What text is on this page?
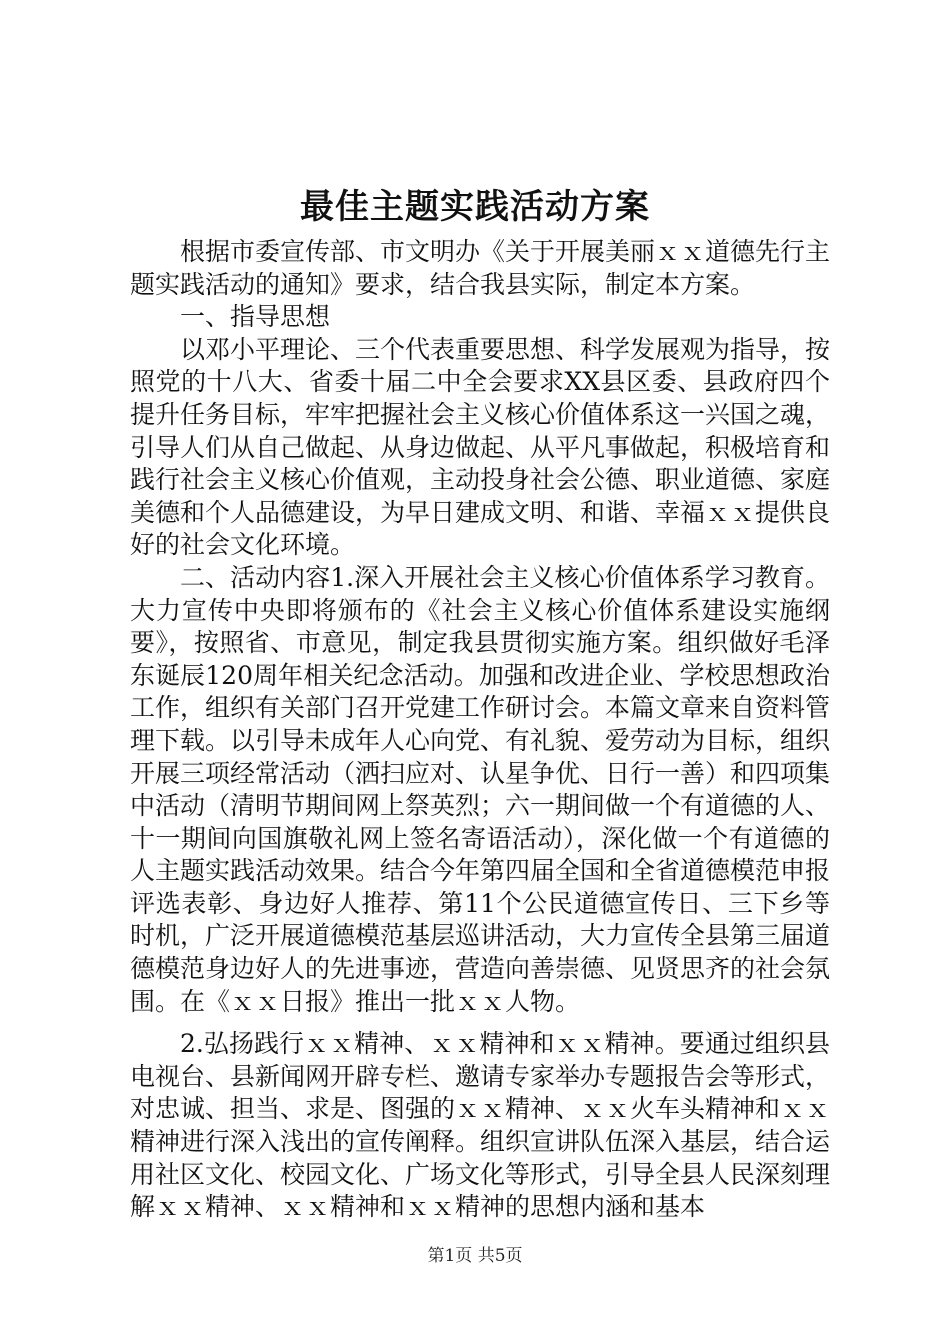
最佳主题实践活动方案

根据市委宣传部、市文明办《关于开展美丽ｘｘ道德先行主题实践活动的通知》要求，结合我县实际，制定本方案。

一、指导思想

以邓小平理论、三个代表重要思想、科学发展观为指导，按照党的十八大、省委十届二中全会要求XX县区委、县政府四个提升任务目标，牢牢把握社会主义核心价值体系这一兴国之魂，引导人们从自己做起、从身边做起、从平凡事做起，积极培育和践行社会主义核心价值观，主动投身社会公德、职业道德、家庭美德和个人品德建设，为早日建成文明、和谐、幸福ｘｘ提供良好的社会文化环境。

二、活动内容1.深入开展社会主义核心价值体系学习教育。大力宣传中央即将颁布的《社会主义核心价值体系建设实施纲要》，按照省、市意见，制定我县贯彻实施方案。组织做好毛泽东诞辰120周年相关纪念活动。加强和改进企业、学校思想政治工作，组织有关部门召开党建工作研讨会。本篇文章来自资料管理下载。以引导未成年人心向党、有礼貌、爱劳动为目标，组织开展三项经常活动（洒扫应对、认星争优、日行一善）和四项集中活动（清明节期间网上祭英烈；六一期间做一个有道德的人、十一期间向国旗敬礼网上签名寄语活动），深化做一个有道德的人主题实践活动效果。结合今年第四届全国和全省道德模范申报评选表彰、身边好人推荐、第11个公民道德宣传日、三下乡等时机，广泛开展道德模范基层巡讲活动，大力宣传全县第三届道德模范身边好人的先进事迹，营造向善崇德、见贤思齐的社会氛围。在《ｘｘ日报》推出一批ｘｘ人物。

2.弘扬践行ｘｘ精神、ｘｘ精神和ｘｘ精神。要通过组织县电视台、县新闻网开辟专栏、邀请专家举办专题报告会等形式，对忠诚、担当、求是、图强的ｘｘ精神、ｘｘ火车头精神和ｘｘ精神进行深入浅出的宣传阐释。组织宣讲队伍深入基层，结合运用社区文化、校园文化、广场文化等形式，引导全县人民深刻理解ｘｘ精神、ｘｘ精神和ｘｘ精神的思想内涵和基本

第1页 共5页
